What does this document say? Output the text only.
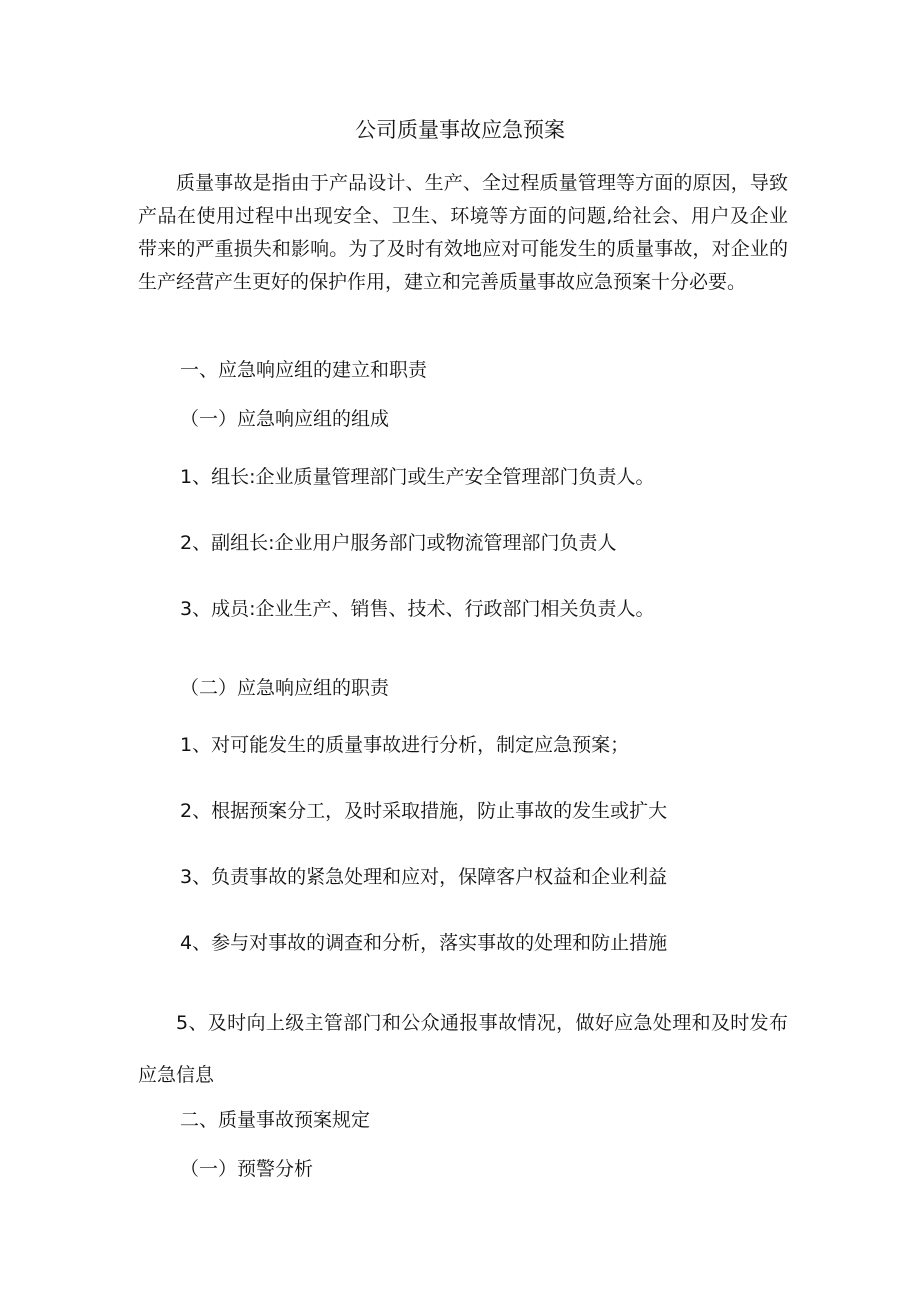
公司质量事故应急预案
质量事故是指由于产品设计、生产、全过程质量管理等方面的原因，导致产品在使用过程中出现安全、卫生、环境等方面的问题,给社会、用户及企业带来的严重损失和影响。为了及时有效地应对可能发生的质量事故，对企业的生产经营产生更好的保护作用，建立和完善质量事故应急预案十分必要。
一、应急响应组的建立和职责
（一）应急响应组的组成
1、组长:企业质量管理部门或生产安全管理部门负责人。
2、副组长:企业用户服务部门或物流管理部门负责人
3、成员:企业生产、销售、技术、行政部门相关负责人。
（二）应急响应组的职责
1、对可能发生的质量事故进行分析，制定应急预案；
2、根据预案分工，及时采取措施，防止事故的发生或扩大
3、负责事故的紧急处理和应对，保障客户权益和企业利益
4、参与对事故的调查和分析，落实事故的处理和防止措施
5、及时向上级主管部门和公众通报事故情况，做好应急处理和及时发布应急信息
二、质量事故预案规定
（一）预警分析
